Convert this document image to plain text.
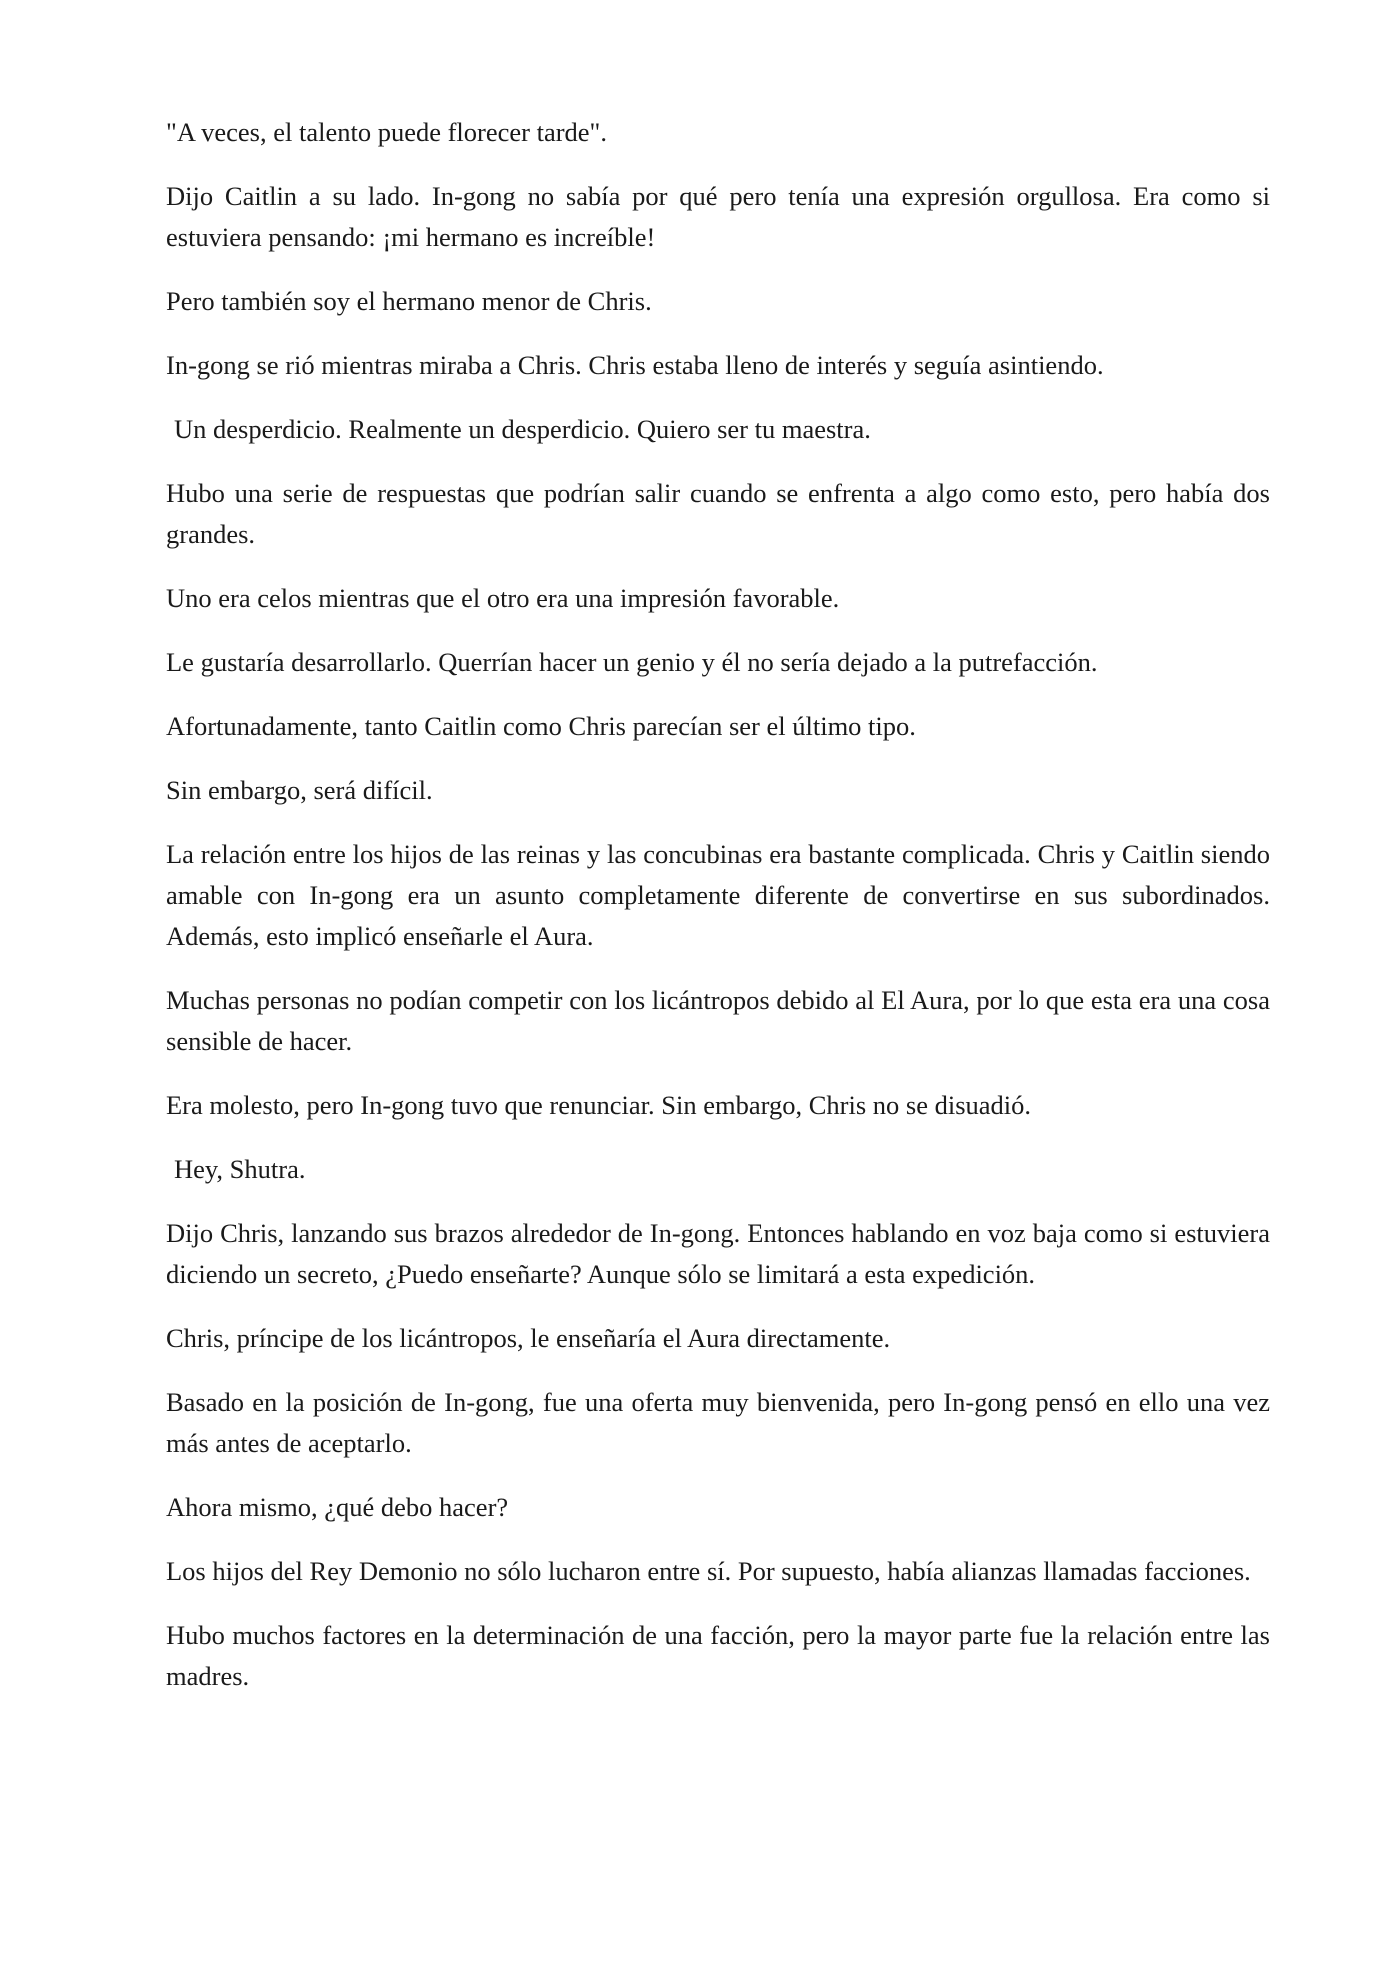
"A veces, el talento puede florecer tarde".

Dijo Caitlin a su lado. In-gong no sabía por qué pero tenía una expresión orgullosa. Era como si estuviera pensando: ¡mi hermano es increíble!

Pero también soy el hermano menor de Chris.

In-gong se rió mientras miraba a Chris. Chris estaba lleno de interés y seguía asintiendo.

Un desperdicio. Realmente un desperdicio. Quiero ser tu maestra.

Hubo una serie de respuestas que podrían salir cuando se enfrenta a algo como esto, pero había dos grandes.

Uno era celos mientras que el otro era una impresión favorable.

Le gustaría desarrollarlo. Querrían hacer un genio y él no sería dejado a la putrefacción.

Afortunadamente, tanto Caitlin como Chris parecían ser el último tipo.

Sin embargo, será difícil.

La relación entre los hijos de las reinas y las concubinas era bastante complicada. Chris y Caitlin siendo amable con In-gong era un asunto completamente diferente de convertirse en sus subordinados. Además, esto implicó enseñarle el Aura.

Muchas personas no podían competir con los licántropos debido al El Aura, por lo que esta era una cosa sensible de hacer.

Era molesto, pero In-gong tuvo que renunciar. Sin embargo, Chris no se disuadió.

Hey, Shutra.

Dijo Chris, lanzando sus brazos alrededor de In-gong. Entonces hablando en voz baja como si estuviera diciendo un secreto, ¿Puedo enseñarte? Aunque sólo se limitará a esta expedición.

Chris, príncipe de los licántropos, le enseñaría el Aura directamente.

Basado en la posición de In-gong, fue una oferta muy bienvenida, pero In-gong pensó en ello una vez más antes de aceptarlo.

Ahora mismo, ¿qué debo hacer?

Los hijos del Rey Demonio no sólo lucharon entre sí. Por supuesto, había alianzas llamadas facciones.

Hubo muchos factores en la determinación de una facción, pero la mayor parte fue la relación entre las madres.
